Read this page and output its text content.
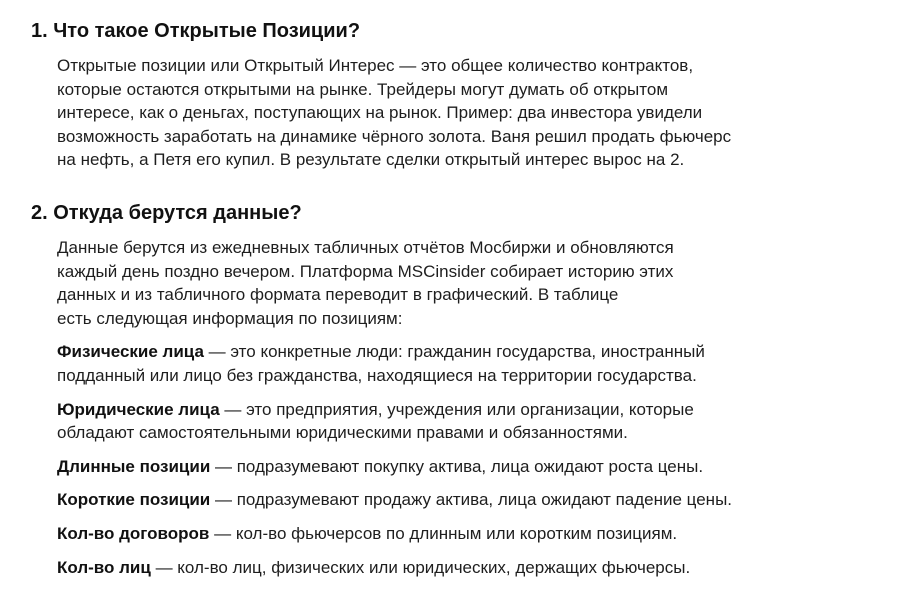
1. Что такое Открытые Позиции?

Открытые позиции или Открытый Интерес — это общее количество контрактов,
которые остаются открытыми на рынке. Трейдеры могут думать об открытом
интересе, как о деньгах, поступающих на рынок. Пример: два инвестора увидели
возможность заработать на динамике чёрного золота. Ваня решил продать фьючерс
на нефть, а Петя его купил. В результате сделки открытый интерес вырос на 2.

2. Откуда берутся данные?

Данные берутся из ежедневных табличных отчётов Мосбиржи и обновляются
каждый день поздно вечером. Платформа MSCinsider собирает историю этих
данных и из табличного формата переводит в графический. В таблице
есть следующая информация по позициям:

Физические лица — это конкретные люди: гражданин государства, иностранный
подданный или лицо без гражданства, находящиеся на территории государства.

Юридические лица — это предприятия, учреждения или организации, которые
обладают самостоятельными юридическими правами и обязанностями.

Длинные позиции — подразумевают покупку актива, лица ожидают роста цены.

Короткие позиции — подразумевают продажу актива, лица ожидают падение цены.

Кол-во договоров — кол-во фьючерсов по длинным или коротким позициям.

Кол-во лиц — кол-во лиц, физических или юридических, держащих фьючерсы.
